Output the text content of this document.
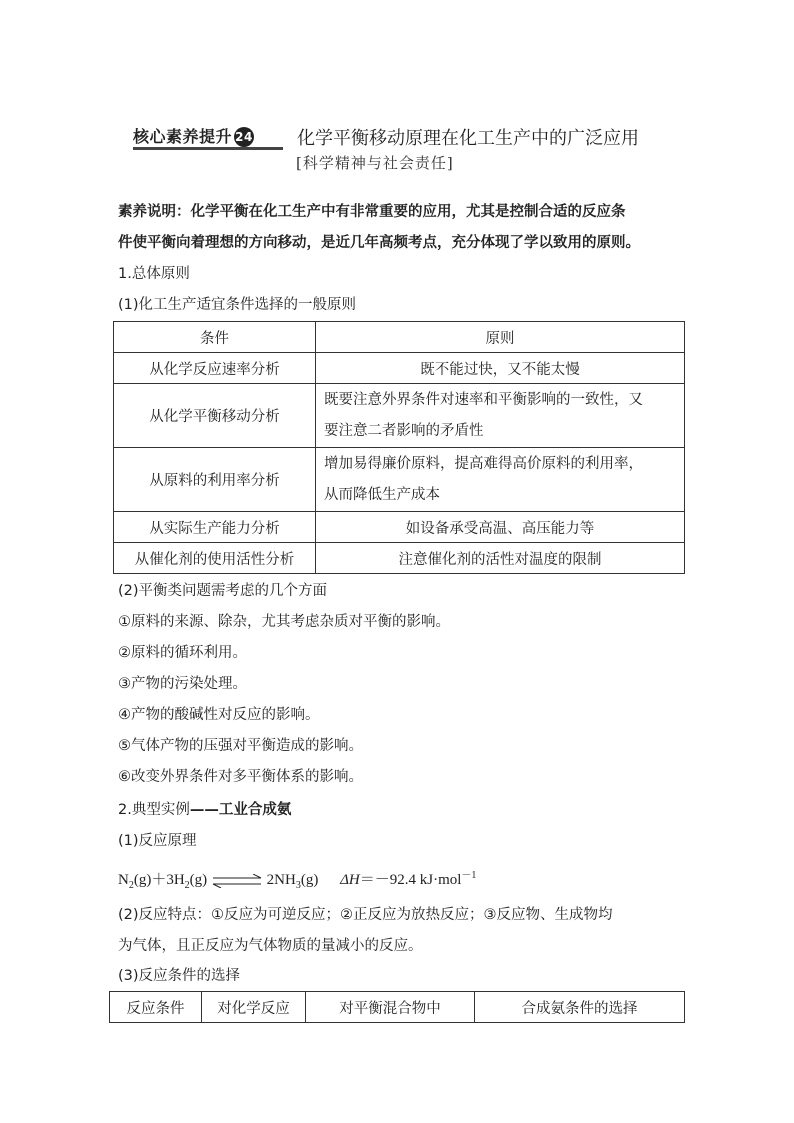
核心素养提升 24 化学平衡移动原理在化工生产中的广泛应用
[科学精神与社会责任]
素养说明：化学平衡在化工生产中有非常重要的应用，尤其是控制合适的反应条
件使平衡向着理想的方向移动，是近几年高频考点，充分体现了学以致用的原则。
1.总体原则
(1)化工生产适宜条件选择的一般原则
条件	原则
从化学反应速率分析	既不能过快，又不能太慢
从化学平衡移动分析	既要注意外界条件对速率和平衡影响的一致性，又
要注意二者影响的矛盾性

从原料的利用率分析	增加易得廉价原料，提高难得高价原料的利用率，
从而降低生产成本

从实际生产能力分析	如设备承受高温、高压能力等
从催化剂的使用活性分析	注意催化剂的活性对温度的限制
(2)平衡类问题需考虑的几个方面
①原料的来源、除杂，尤其考虑杂质对平衡的影响。
②原料的循环利用。
③产物的污染处理。
④产物的酸碱性对反应的影响。
⑤气体产物的压强对平衡造成的影响。
⑥改变外界条件对多平衡体系的影响。
2.典型实例——工业合成氨
(1)反应原理
$N_2(g)+3H_2(g)$ ⇌ $2NH_3(g)$ ΔH＝－92.4 kJ·mol$^{-1}$
(2)反应特点：①反应为可逆反应；②正反应为放热反应；③反应物、生成物均
为气体，且正反应为气体物质的量减小的反应。
(3)反应条件的选择
反应条件	对化学反应	对平衡混合物中	合成氨条件的选择
